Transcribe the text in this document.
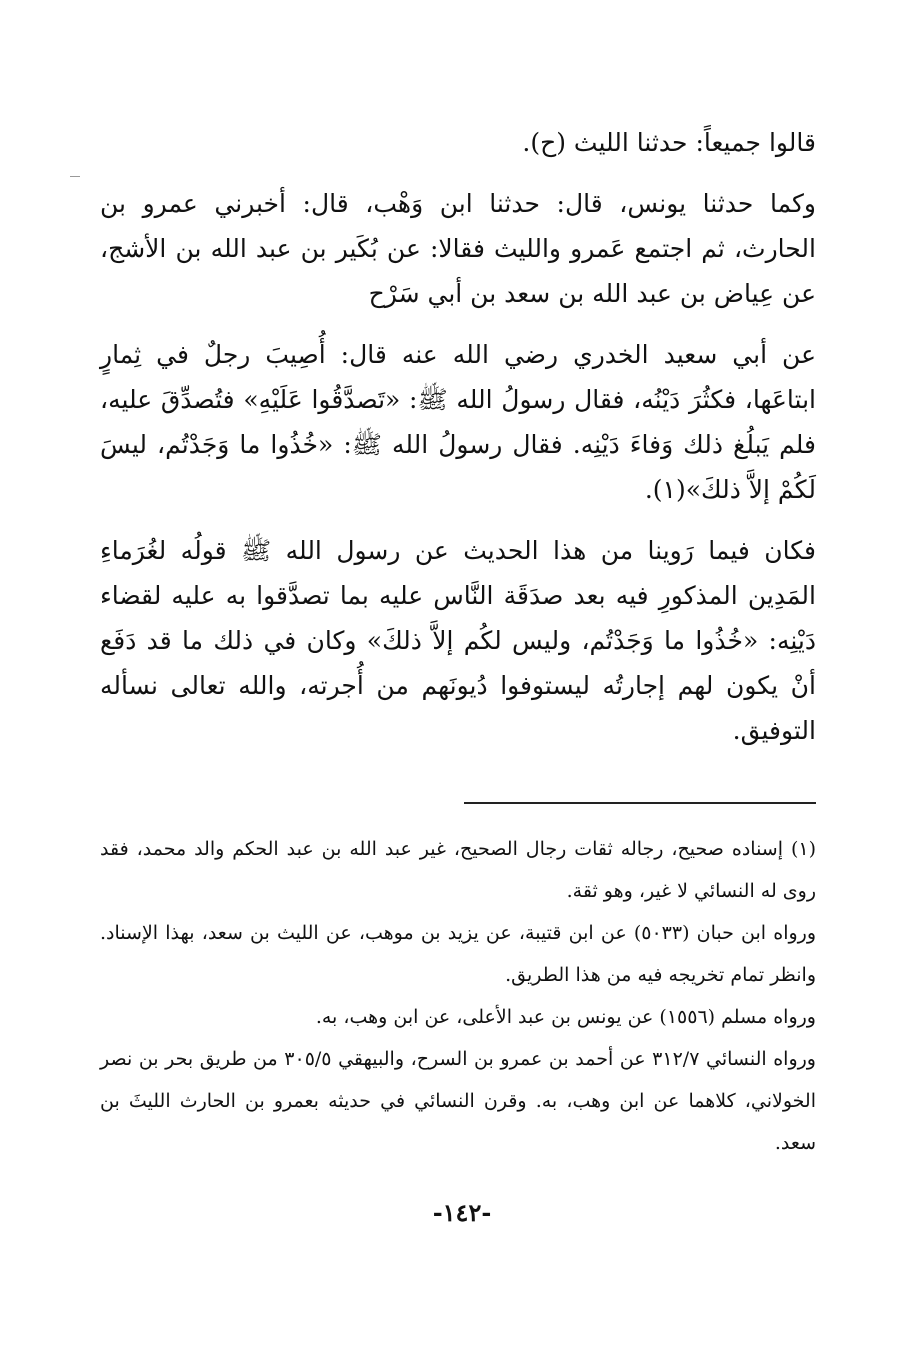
قالوا جميعاً: حدثنا الليث (ح).

وكما حدثنا يونس، قال: حدثنا ابن وَهْب، قال: أخبرني عمرو بن الحارث، ثم اجتمع عَمرو والليث فقالا: عن بُكَير بن عبد الله بن الأشج، عن عِياض بن عبد الله بن سعد بن أبي سَرْح

عن أبي سعيد الخدري رضي الله عنه قال: أُصِيبَ رجلٌ في ثِمارٍ ابتاعَها، فكثُرَ دَيْنُه، فقال رسولُ الله ﷺ: «تَصدَّقُوا عَلَيْهِ» فتُصدِّقَ عليه، فلم يَبلُغ ذلك وَفاءَ دَيْنِه. فقال رسولُ الله ﷺ: «خُذُوا ما وَجَدْتُم، ليسَ لَكُمْ إلاَّ ذلكَ»(١).

فكان فيما رَوينا من هذا الحديث عن رسول الله ﷺ قولُه لغُرَماءِ المَدِين المذكورِ فيه بعد صدَقَة النَّاس عليه بما تصدَّقوا به عليه لقضاء دَيْنِه: «خُذُوا ما وَجَدْتُم، وليس لكُم إلاَّ ذلكَ» وكان في ذلك ما قد دَفَع أنْ يكون لهم إجارتُه ليستوفوا دُيونَهم من أُجرته، والله تعالى نسأله التوفيق.

(١) إسناده صحيح، رجاله ثقات رجال الصحيح، غير عبد الله بن عبد الحكم والد محمد، فقد روى له النسائي لا غير، وهو ثقة.

ورواه ابن حبان (٥٠٣٣) عن ابن قتيبة، عن يزيد بن موهب، عن الليث بن سعد، بهذا الإسناد. وانظر تمام تخريجه فيه من هذا الطريق.

ورواه مسلم (١٥٥٦) عن يونس بن عبد الأعلى، عن ابن وهب، به.

ورواه النسائي ٣١٢/٧ عن أحمد بن عمرو بن السرح، والبيهقي ٣٠٥/٥ من طريق بحر بن نصر الخولاني، كلاهما عن ابن وهب، به. وقرن النسائي في حديثه بعمرو بن الحارث الليثَ بن سعد.

-١٤٢-
